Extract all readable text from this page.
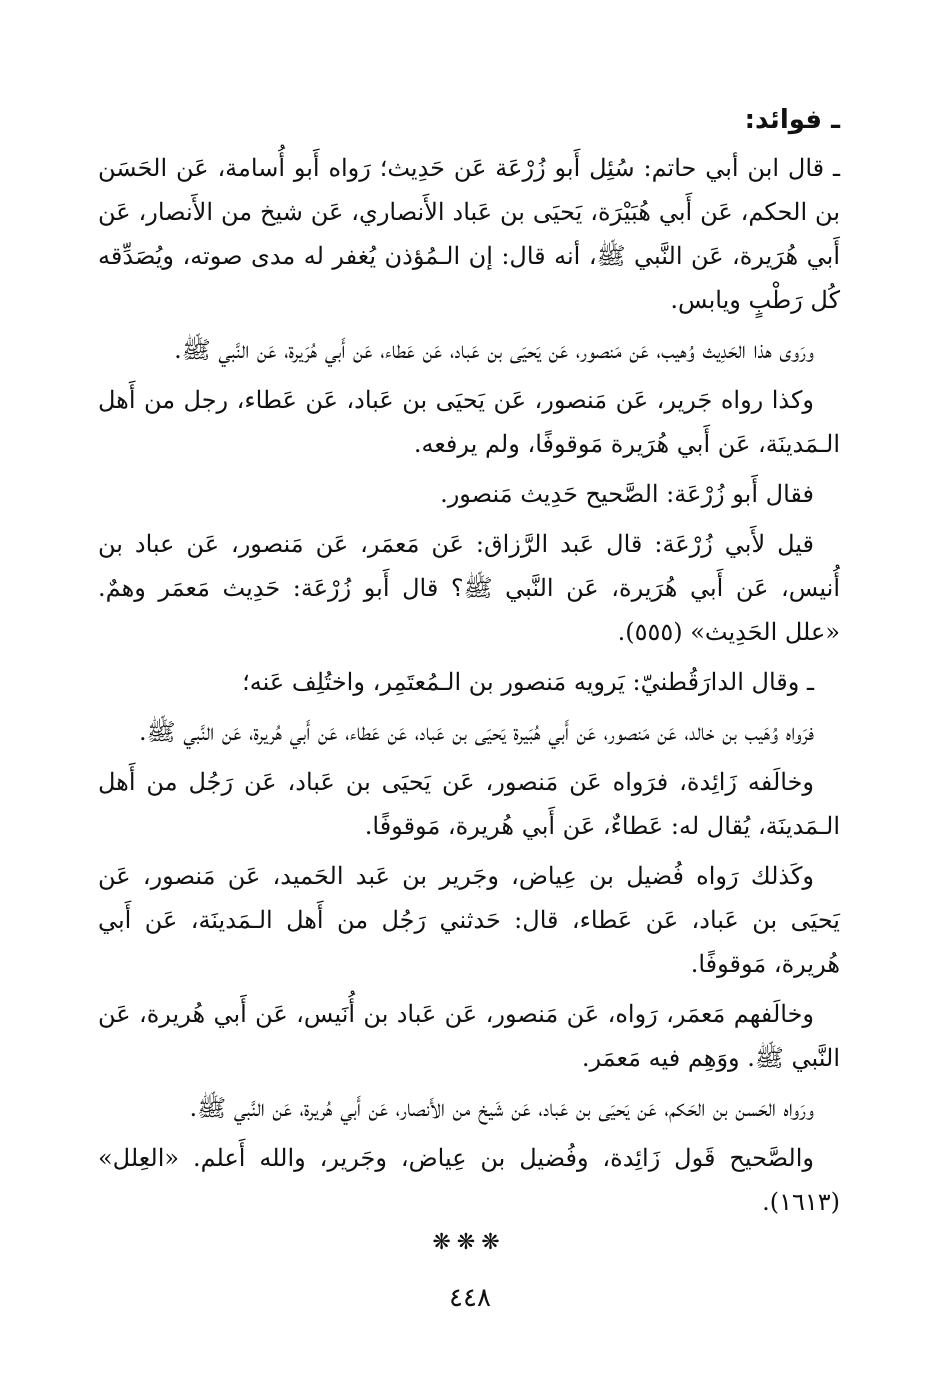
ـ فوائد:

ـ قال ابن أبي حاتم: سُئِل أَبو زُرْعَة عَن حَدِيث؛ رَواه أَبو أُسامة، عَن الحَسَن بن الحكم، عَن أَبي هُبَيْرَة، يَحيَى بن عَباد الأَنصاري، عَن شيخ من الأَنصار، عَن أَبي هُرَيرة، عَن النَّبي ﷺ، أنه قال: إن الـمُؤذن يُغفر له مدى صوته، ويُصَدِّقه كُل رَطْبٍ ويابس.

ورَوى هذا الحَدِيث وُهيب، عَن مَنصور، عَن يَحيَى بن عَباد، عَن عَطاء، عَن أَبي هُرَيرة، عَن النَّبي ﷺ.

وكذا رواه جَرير، عَن مَنصور، عَن يَحيَى بن عَباد، عَن عَطاء، رجل من أَهل الـمَدينَة، عَن أَبي هُرَيرة مَوقوفًا، ولم يرفعه.

فقال أَبو زُرْعَة: الصَّحيح حَدِيث مَنصور.

قيل لأَبي زُرْعَة: قال عَبد الرَّزاق: عَن مَعمَر، عَن مَنصور، عَن عباد بن أُنيس، عَن أَبي هُرَيرة، عَن النَّبي ﷺ؟ قال أَبو زُرْعَة: حَدِيث مَعمَر وهمٌ. «علل الحَدِيث» (٥٥٥).

ـ وقال الدارَقُطنيّ: يَرويه مَنصور بن الـمُعتَمِر، واختُلِف عَنه؛

فرَواه وُهَيب بن خالد، عَن مَنصور، عَن أَبي هُبَيرة يَحيَى بن عَباد، عَن عَطاء، عَن أَبي هُريرة، عَن النَّبي ﷺ.

وخالَفه زَائِدة، فرَواه عَن مَنصور، عَن يَحيَى بن عَباد، عَن رَجُل من أَهل الـمَدينَة، يُقال له: عَطاءٌ، عَن أَبي هُريرة، مَوقوفًا.

وكَذلك رَواه فُضيل بن عِياض، وجَرير بن عَبد الحَميد، عَن مَنصور، عَن يَحيَى بن عَباد، عَن عَطاء، قال: حَدثني رَجُل من أَهل الـمَدينَة، عَن أَبي هُريرة، مَوقوفًا.

وخالَفهم مَعمَر، رَواه، عَن مَنصور، عَن عَباد بن أُنَيس، عَن أَبي هُريرة، عَن النَّبي ﷺ. ووَهِم فيه مَعمَر.

ورَواه الحَسن بن الحَكم، عَن يَحيَى بن عَباد، عَن شَيخ من الأَنصار، عَن أَبي هُريرة، عَن النَّبي ﷺ.

والصَّحيح قَول زَائِدة، وفُضيل بن عِياض، وجَرير، والله أَعلم. «العِلل» (١٦١٣).

❋❋❋
٤٤٨
